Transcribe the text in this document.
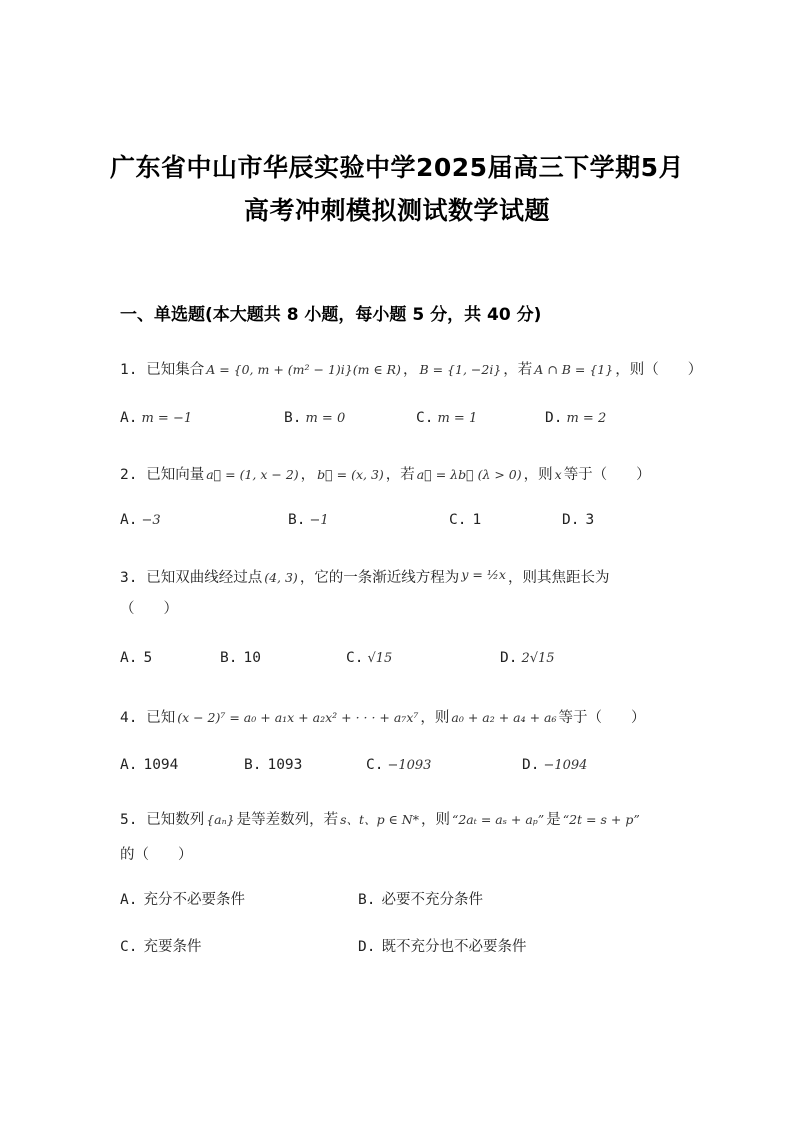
广东省中山市华辰实验中学2025届高三下学期5月
高考冲刺模拟测试数学试题
一、单选题(本大题共 8 小题，每小题 5 分，共 40 分)
1. 已知集合 A = {0, m + (m² − 1)i}(m ∈ R) ， B = {1, −2i} ，若 A ∩ B = {1} ，则（　　）
A. m = −1	B. m = 0	C. m = 1	D. m = 2
2. 已知向量 a⃗ = (1, x − 2) ， b⃗ = (x, 3) ，若 a⃗ = λb⃗ (λ > 0) ，则 x 等于（　　）
A. −3	B. −1	C. 1	D. 3
3. 已知双曲线经过点 (4, 3) ，它的一条渐近线方程为 y = ½x ，则其焦距长为
（　　）
A. 5	B. 10	C. √15	D. 2√15
4. 已知 (x − 2)⁷ = a₀ + a₁x + a₂x² + · · · + a₇x⁷ ，则 a₀ + a₂ + a₄ + a₆ 等于（　　）
A. 1094	B. 1093	C. −1093	D. −1094
5. 已知数列 {aₙ} 是等差数列，若 s、t、p ∈ N* ，则 “2aₜ = aₛ + aₚ” 是 “2t = s + p”
的（　　）
A. 充分不必要条件	B. 必要不充分条件
C. 充要条件	D. 既不充分也不必要条件
